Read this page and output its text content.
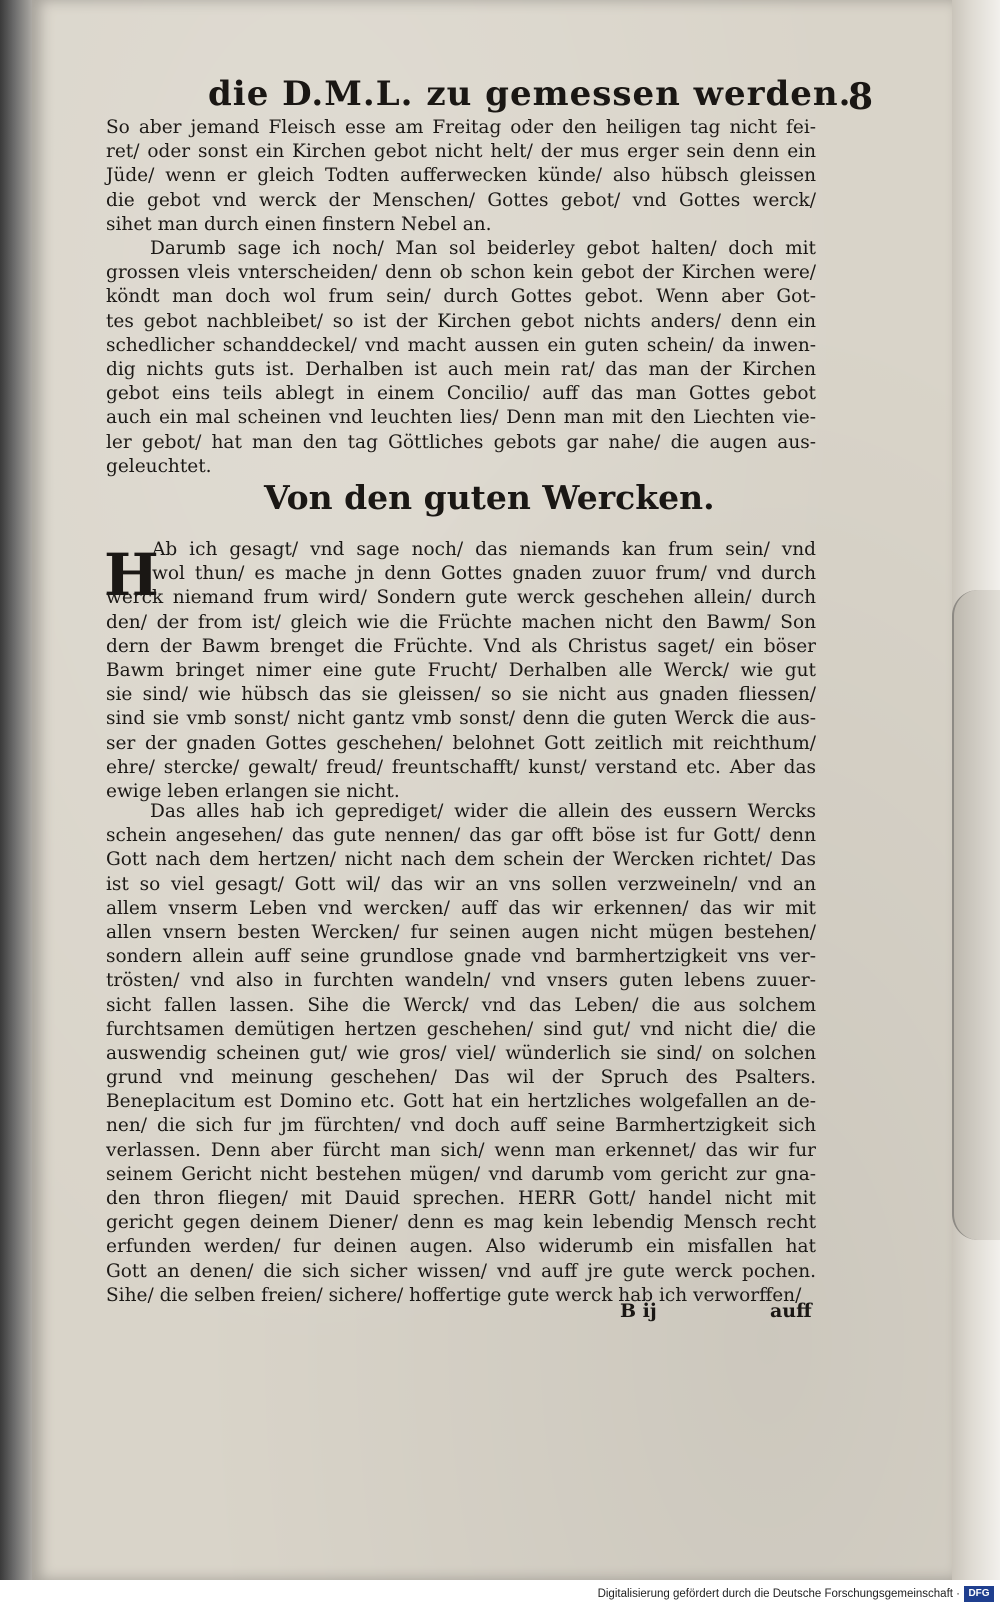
die D.M.L. zu gemessen werden.
8
So aber jemand Fleisch esse am Freitag oder den heiligen tag nicht fei-
ret/ oder sonst ein Kirchen gebot nicht helt/ der mus erger sein denn ein
Jüde/ wenn er gleich Todten aufferwecken künde/ also hübsch gleissen
die gebot vnd werck der Menschen/ Gottes gebot/ vnd Gottes werck/
sihet man durch einen finstern Nebel an.
Darumb sage ich noch/ Man sol beiderley gebot halten/ doch mit
grossen vleis vnterscheiden/ denn ob schon kein gebot der Kirchen were/
köndt man doch wol frum sein/ durch Gottes gebot. Wenn aber Got-
tes gebot nachbleibet/ so ist der Kirchen gebot nichts anders/ denn ein
schedlicher schanddeckel/ vnd macht aussen ein guten schein/ da inwen-
dig nichts guts ist. Derhalben ist auch mein rat/ das man der Kirchen
gebot eins teils ablegt in einem Concilio/ auff das man Gottes gebot
auch ein mal scheinen vnd leuchten lies/ Denn man mit den Liechten vie-
ler gebot/ hat man den tag Göttliches gebots gar nahe/ die augen aus-
geleuchtet.
Von den guten Wercken.
H
Ab ich gesagt/ vnd sage noch/ das niemands kan frum sein/ vnd
wol thun/ es mache jn denn Gottes gnaden zuuor frum/ vnd durch
werck niemand frum wird/ Sondern gute werck geschehen allein/ durch
den/ der from ist/ gleich wie die Früchte machen nicht den Bawm/ Son
dern der Bawm brenget die Früchte. Vnd als Christus saget/ ein böser
Bawm bringet nimer eine gute Frucht/ Derhalben alle Werck/ wie gut
sie sind/ wie hübsch das sie gleissen/ so sie nicht aus gnaden fliessen/
sind sie vmb sonst/ nicht gantz vmb sonst/ denn die guten Werck die aus-
ser der gnaden Gottes geschehen/ belohnet Gott zeitlich mit reichthum/
ehre/ stercke/ gewalt/ freud/ freuntschafft/ kunst/ verstand etc. Aber das
ewige leben erlangen sie nicht.
Das alles hab ich geprediget/ wider die allein des eussern Wercks
schein angesehen/ das gute nennen/ das gar offt böse ist fur Gott/ denn
Gott nach dem hertzen/ nicht nach dem schein der Wercken richtet/ Das
ist so viel gesagt/ Gott wil/ das wir an vns sollen verzweineln/ vnd an
allem vnserm Leben vnd wercken/ auff das wir erkennen/ das wir mit
allen vnsern besten Wercken/ fur seinen augen nicht mügen bestehen/
sondern allein auff seine grundlose gnade vnd barmhertzigkeit vns ver-
trösten/ vnd also in furchten wandeln/ vnd vnsers guten lebens zuuer-
sicht fallen lassen. Sihe die Werck/ vnd das Leben/ die aus solchem
furchtsamen demütigen hertzen geschehen/ sind gut/ vnd nicht die/ die
auswendig scheinen gut/ wie gros/ viel/ wünderlich sie sind/ on solchen
grund vnd meinung geschehen/ Das wil der Spruch des Psalters.
Beneplacitum est Domino etc. Gott hat ein hertzliches wolgefallen an de-
nen/ die sich fur jm fürchten/ vnd doch auff seine Barmhertzigkeit sich
verlassen. Denn aber fürcht man sich/ wenn man erkennet/ das wir fur
seinem Gericht nicht bestehen mügen/ vnd darumb vom gericht zur gna-
den thron fliegen/ mit Dauid sprechen. HERR Gott/ handel nicht mit
gericht gegen deinem Diener/ denn es mag kein lebendig Mensch recht
erfunden werden/ fur deinen augen. Also widerumb ein misfallen hat
Gott an denen/ die sich sicher wissen/ vnd auff jre gute werck pochen.
Sihe/ die selben freien/ sichere/ hoffertige gute werck hab ich verworffen/
B ij	auff
Digitalisierung gefördert durch die Deutsche Forschungsgemeinschaft · DFG
